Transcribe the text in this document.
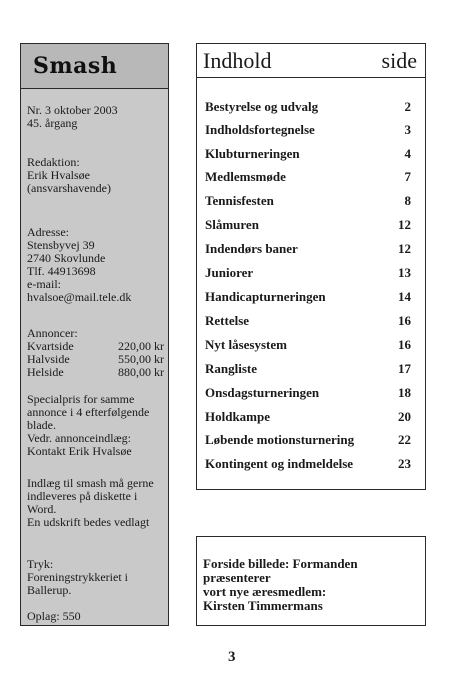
Smash

Nr. 3 oktober 2003

45. årgang

Redaktion:

Erik Hvalsøe

(ansvarshavende)

Adresse:

Stensbyvej 39

2740 Skovlunde

Tlf. 44913698

e-mail:

hvalsoe@mail.tele.dk

Annoncer:

Kvartside	220,00 kr
Halvside	550,00 kr
Helside	880,00 kr

Specialpris for samme

annonce i 4 efterfølgende

blade.

Vedr. annonceindlæg:

Kontakt Erik Hvalsøe

Indlæg til smash må gerne

indleveres på diskette i

Word.

En udskrift bedes vedlagt

Tryk:

Foreningstrykkeriet i

Ballerup.

Oplag: 550

Indhold	side
Bestyrelse og udvalg	2
Indholdsfortegnelse	3
Klubturneringen	4
Medlemsmøde	7
Tennisfesten	8
Slåmuren	12
Indendørs baner	12
Juniorer	13
Handicapturneringen	14
Rettelse	16
Nyt låsesystem	16
Rangliste	17
Onsdagsturneringen	18
Holdkampe	20
Løbende motionsturnering	22
Kontingent og indmeldelse	23
Forside billede: Formanden præsenterer
vort nye æresmedlem:
Kirsten Timmermans
3
